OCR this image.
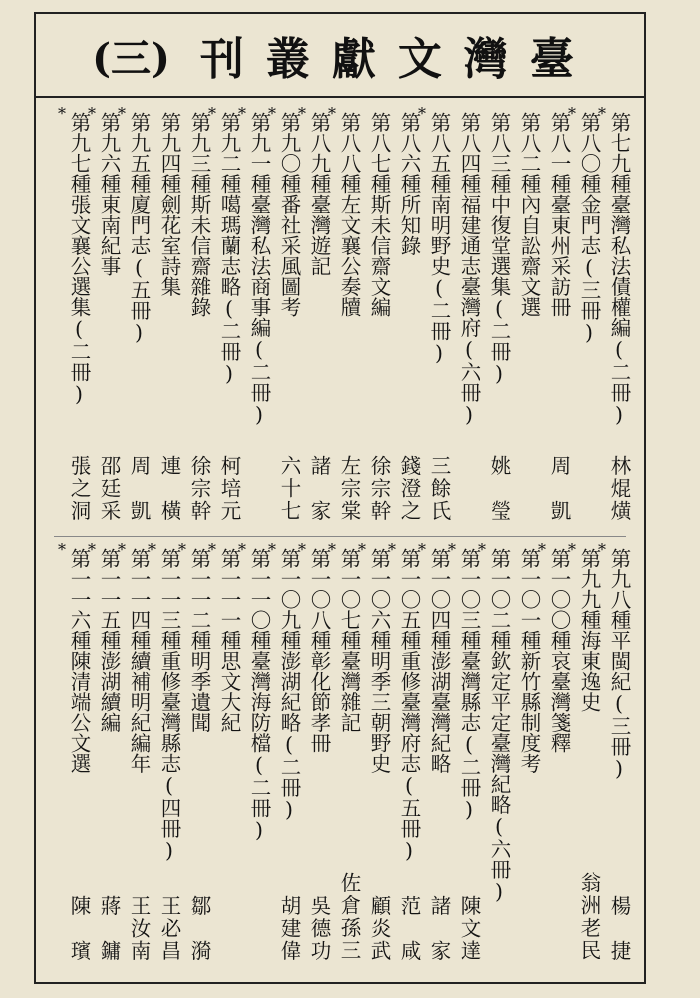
(三) 刊 叢 獻 文 灣 臺
* 第七九種臺灣私法債權編(二冊)
林焜熿
* 第八〇種金門志(三冊)
第八一種臺東州采訪冊
周　凱
第八二種內自訟齋文選
第八三種中復堂選集(二冊)
姚　瑩
第八四種福建通志臺灣府(六冊)
* 第八五種南明野史(二冊)
三餘氏
第八六種所知錄
錢澄之
第八七種斯未信齋文編
徐宗幹
* 第八八種左文襄公奏牘
左宗棠
* 第八九種臺灣遊記
諸　家
* 第九〇種番社采風圖考
六十七
* 第九一種臺灣私法商事編(二冊)
* 第九二種噶瑪蘭志略(二冊)
柯培元
第九三種斯未信齋雜錄
徐宗幹
第九四種劍花室詩集
連　橫
* 第九五種廈門志(五冊)
周　凱
* 第九六種東南紀事
邵廷采
* 第九七種張文襄公選集(二冊)
張之洞
* 第九八種平閩紀(三冊)
楊　捷
* 第九九種海東逸史
翁洲老民
* 第一〇〇種哀臺灣箋釋
第一〇一種新竹縣制度考
* 第一〇二種欽定平定臺灣紀略(六冊)
* 第一〇三種臺灣縣志(二冊)
陳文達
* 第一〇四種澎湖臺灣紀略
諸　家
* 第一〇五種重修臺灣府志(五冊)
范　咸
* 第一〇六種明季三朝野史
顧炎武
* 第一〇七種臺灣雜記
佐倉孫三
* 第一〇八種彰化節孝冊
吳德功
* 第一〇九種澎湖紀略(二冊)
胡建偉
* 第一一〇種臺灣海防檔(二冊)
* 第一一一種思文大紀
* 第一一二種明季遺聞
鄒　漪
* 第一一三種重修臺灣縣志(四冊)
王必昌
* 第一一四種續補明紀編年
王汝南
* 第一一五種澎湖續編
蔣　鏞
* 第一一六種陳清端公文選
陳　璸
